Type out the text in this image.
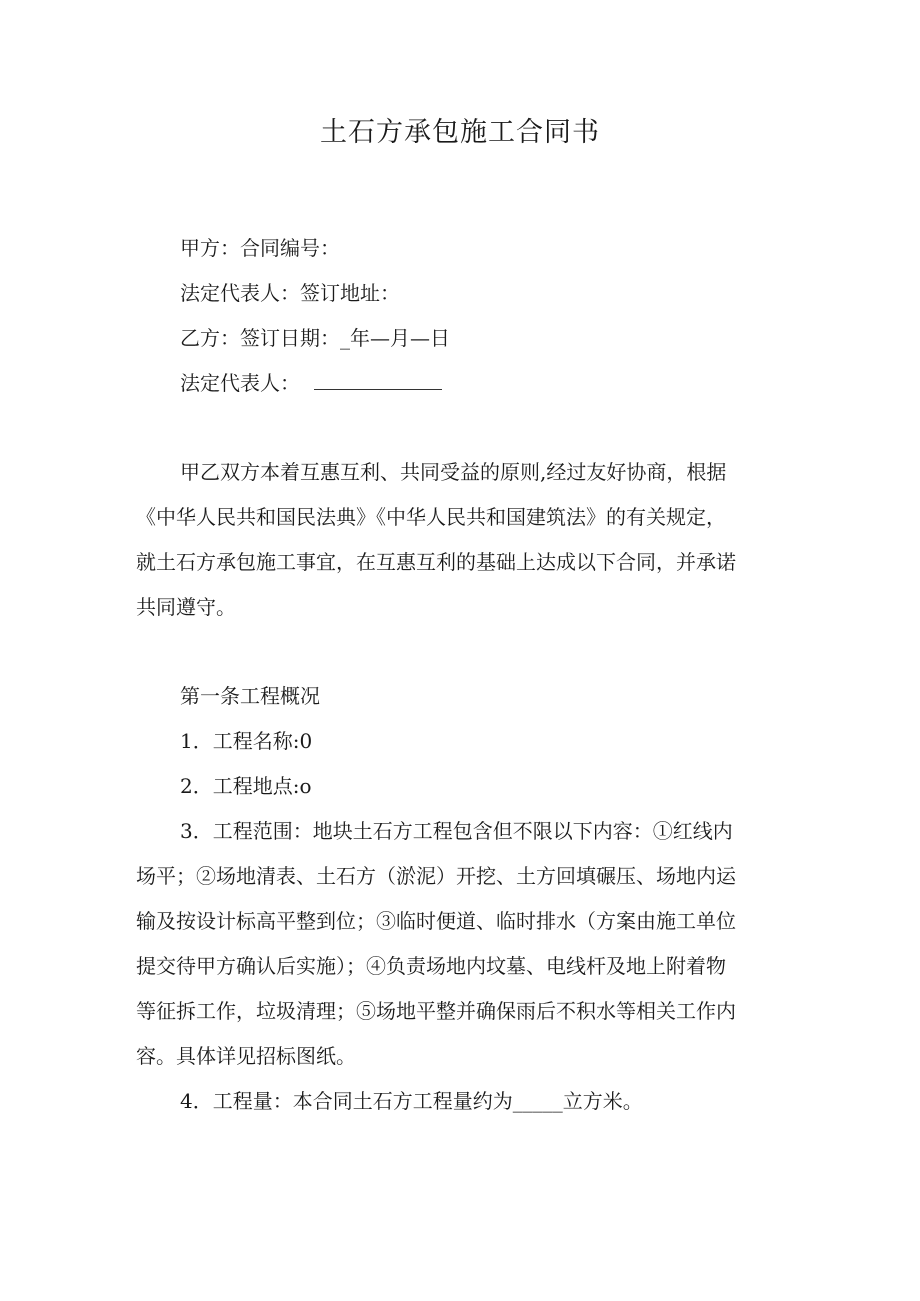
土石方承包施工合同书
甲方：合同编号：
法定代表人：签订地址：
乙方：签订日期：_年—月—日
法定代表人：
甲乙双方本着互惠互利、共同受益的原则,经过友好协商，根据
《中华人民共和国民法典》《中华人民共和国建筑法》的有关规定，
就土石方承包施工事宜，在互惠互利的基础上达成以下合同，并承诺
共同遵守。
第一条工程概况
1．工程名称:0
2．工程地点:o
3．工程范围：地块土石方工程包含但不限以下内容：①红线内
场平；②场地清表、土石方（淤泥）开挖、土方回填碾压、场地内运
输及按设计标高平整到位；③临时便道、临时排水（方案由施工单位
提交待甲方确认后实施）；④负责场地内坟墓、电线杆及地上附着物
等征拆工作，垃圾清理；⑤场地平整并确保雨后不积水等相关工作内
容。具体详见招标图纸。
4．工程量：本合同土石方工程量约为_____立方米。
